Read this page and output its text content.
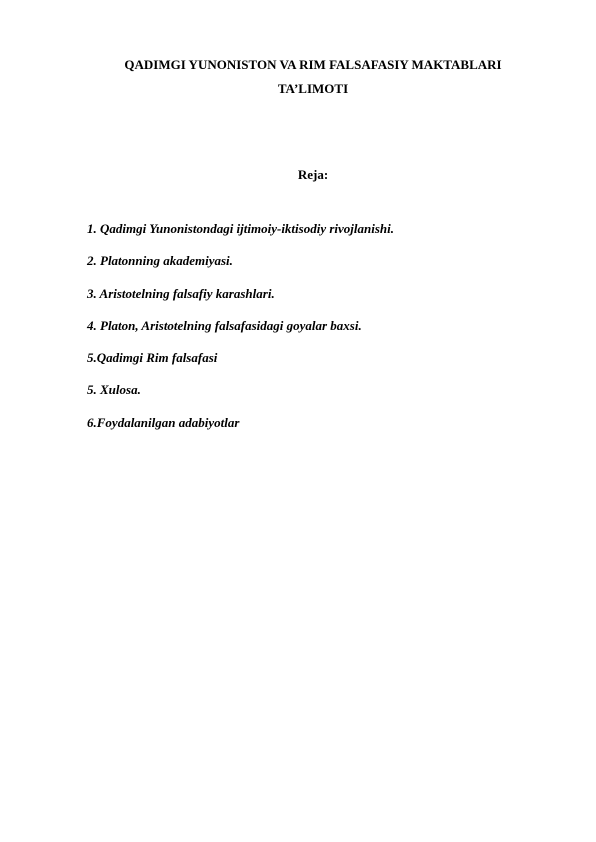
QADIMGI YUNONISTON VA RIM FALSAFASIY MAKTABLARI
TA’LIMOTI
Reja:
1. Qadimgi Yunonistondagi ijtimoiy-iktisodiy rivojlanishi.
2. Platonning akademiyasi.
3. Aristotelning falsafiy karashlari.
4. Platon, Aristotelning falsafasidagi goyalar baxsi.
5.Qadimgi Rim falsafasi
5. Xulosa.
6.Foydalanilgan adabiyotlar
